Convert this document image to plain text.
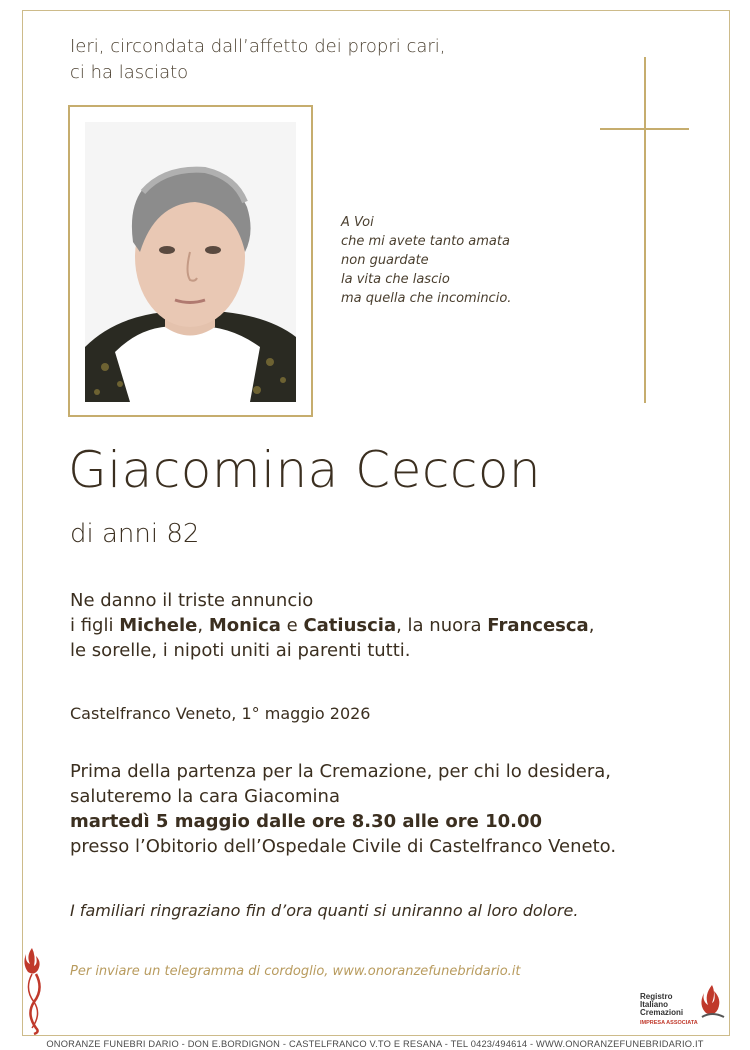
Ieri, circondata dall’affetto dei propri cari,
ci ha lasciato
A Voi
che mi avete tanto amata
non guardate
la vita che lascio
ma quella che incomincio.
Giacomina Ceccon
di anni 82
Ne danno il triste annuncio
i figli Michele, Monica e Catiuscia, la nuora Francesca,
le sorelle, i nipoti uniti ai parenti tutti.
Castelfranco Veneto, 1° maggio 2026
Prima della partenza per la Cremazione, per chi lo desidera,
saluteremo la cara Giacomina
martedì 5 maggio dalle ore 8.30 alle ore 10.00
presso l’Obitorio dell’Ospedale Civile di Castelfranco Veneto.
I familiari ringraziano fin d’ora quanti si uniranno al loro dolore.
Per inviare un telegramma di cordoglio, www.onoranzefunebridario.it
Registro
Italiano
Cremazioni
IMPRESA ASSOCIATA
ONORANZE FUNEBRI DARIO - DON E.BORDIGNON - CASTELFRANCO V.TO E RESANA - TEL 0423/494614 - WWW.ONORANZEFUNEBRIDARIO.IT
